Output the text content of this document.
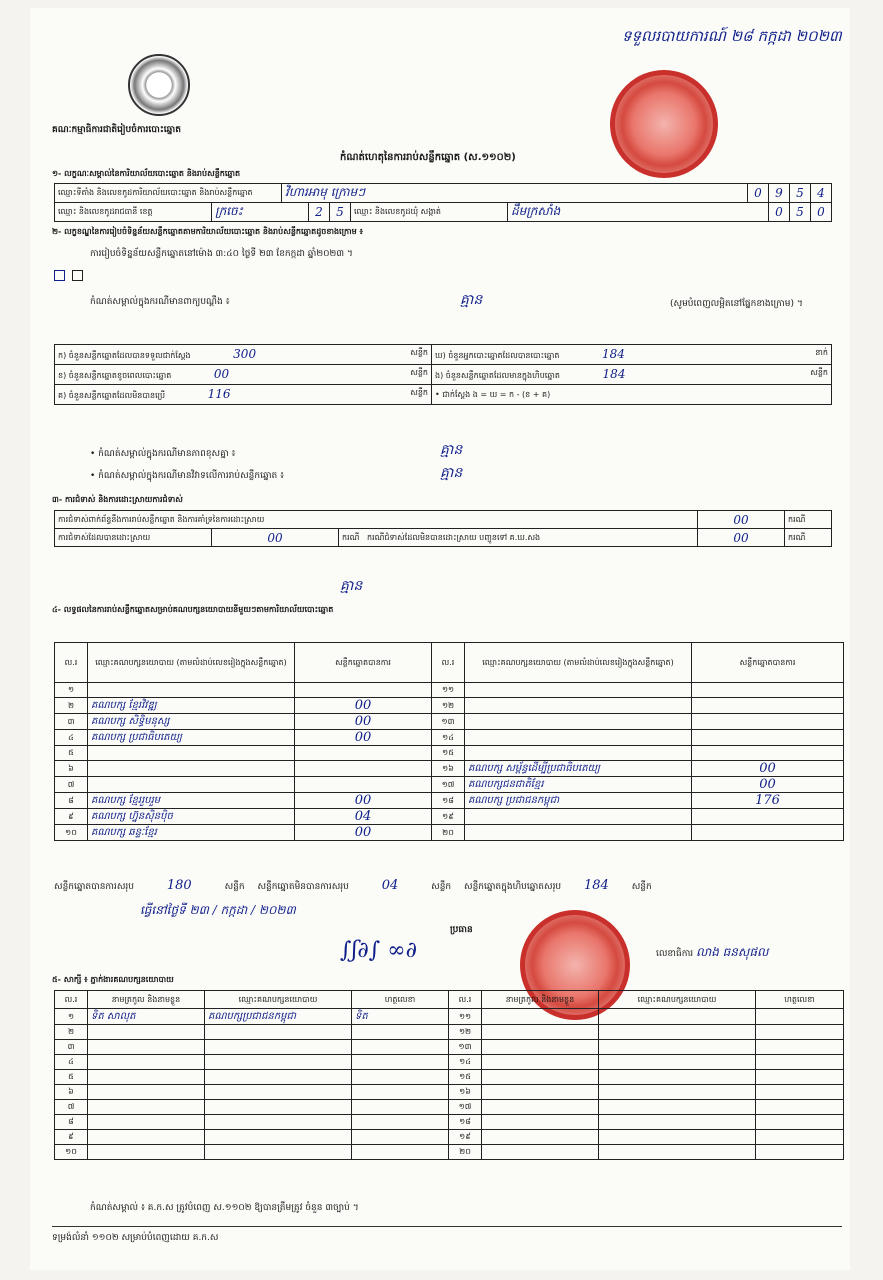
គណៈកម្មាធិការជាតិរៀបចំការបោះឆ្នោត
ទទួលរបាយការណ៍ ២៨ កក្កដា ២០២៣
កំណត់ហេតុនៃការរាប់សន្លឹកឆ្នោត (ស.១១០២)
១- លក្ខណៈសម្គាល់នៃការិយាល័យបោះឆ្នោត និងរាប់សន្លឹកឆ្នោត
ឈ្មោះទីតាំង និងលេខកូដការិយាល័យបោះឆ្នោត និងរាប់សន្លឹកឆ្នោត	វិហារអាមុ ក្រោមៗ	0	9	5	4
ឈ្មោះ និងលេខកូដរាជធានី ខេត្ត	ក្រចេះ	2	5	ឈ្មោះ និងលេខកូដឃុំ សង្កាត់	ដឹមក្រសាំង	0	5	0
២- លក្ខខណ្ឌនៃការរៀបចំទិន្នន័យសន្លឹកឆ្នោតតាមការិយាល័យបោះឆ្នោត និងរាប់សន្លឹកឆ្នោតដូចខាងក្រោម ៖
ការរៀបចំទិន្នន័យសន្លឹកឆ្នោតនៅម៉ោង ៣:៤០ ថ្ងៃទី ២៣ ខែកក្កដា ឆ្នាំ២០២៣ ។

កំណត់សម្គាល់ក្នុងករណីមានពាក្យបណ្ដឹង ៖	គ្មាន	(សូមបំពេញលម្អិតនៅផ្នែកខាងក្រោម) ។
ក) ចំនួនសន្លឹកឆ្នោតដែលបានទទួលជាក់ស្ដែង 300 សន្លឹក	ឃ) ចំនួនអ្នកបោះឆ្នោតដែលបានបោះឆ្នោត 184 នាក់

ខ) ចំនួនសន្លឹកឆ្នោតខូចពេលបោះឆ្នោត 00 សន្លឹក	ង) ចំនួនសន្លឹកឆ្នោតដែលមានក្នុងហិបឆ្នោត 184 សន្លឹក

គ) ចំនួនសន្លឹកឆ្នោតដែលមិនបានប្រើ 116 សន្លឹក	• ជាក់ស្ដែង ង = ឃ = ក - (ខ + គ)
• កំណត់សម្គាល់ក្នុងករណីមានភាពខុសគ្នា ៖	គ្មាន
• កំណត់សម្គាល់ក្នុងករណីមានវិវាទលើការរាប់សន្លឹកឆ្នោត ៖	គ្មាន
៣- ការជំទាស់ និងការដោះស្រាយការជំទាស់
ការជំទាស់ពាក់ព័ន្ធនឹងការរាប់សន្លឹកឆ្នោត និងការគាំទ្រនៃការដោះស្រាយ			00	ករណី
ការជំទាស់ដែលបានដោះស្រាយ	00	ករណី ករណីជំទាស់ដែលមិនបានដោះស្រាយ បញ្ជូនទៅ គ.ឃ.សង	00	ករណី
គ្មាន
៤- លទ្ធផលនៃការរាប់សន្លឹកឆ្នោតសម្រាប់គណបក្សនយោបាយនីមួយៗតាមការិយាល័យបោះឆ្នោត
ល.រ	ឈ្មោះគណបក្សនយោបាយ (តាមលំដាប់លេខរៀងក្នុងសន្លឹកឆ្នោត)	សន្លឹកឆ្នោតបានការ	ល.រ	ឈ្មោះគណបក្សនយោបាយ (តាមលំដាប់លេខរៀងក្នុងសន្លឹកឆ្នោត)	សន្លឹកឆ្នោតបានការ
១			១១		
២	គណបក្ស ខ្មែរវិវឌ្ឍ	00	១២		
៣	គណបក្ស សិទ្ធិមនុស្ស	00	១៣		
៤	គណបក្ស ប្រជាធិបតេយ្យ	00	១៤		
៥			១៥		
៦			១៦	គណបក្ស សម្ព័ន្ធដើម្បីប្រជាធិបតេយ្យ	00
៧			១៧	គណបក្សជនជាតិខ្មែរ	00
៨	គណបក្ស ខ្មែររួបរួម	00	១៨	គណបក្ស ប្រជាជនកម្ពុជា	176
៩	គណបក្ស ហ្វ៊ុនស៊ិនប៉ិច	04	១៩		
១០	គណបក្ស ឆន្ទៈខ្មែរ	00	២០		
សន្លឹកឆ្នោតបានការសរុប	180	សន្លឹក សន្លឹកឆ្នោតមិនបានការសរុប	04	សន្លឹក សន្លឹកឆ្នោតក្នុងហិបឆ្នោតសរុប 184	សន្លឹក
ធ្វើនៅថ្ងៃទី ២៣ / កក្កដា / ២០២៣
ប្រធាន
∫ʃ∂∫ ∞∂	លេខាធិការ លាង ធនសុផល
៥- សាក្សី ៖ ភ្នាក់ងារគណបក្សនយោបាយ
ល.រ	នាមត្រកូល និងនាមខ្លួន	ឈ្មោះគណបក្សនយោបាយ	ហត្ថលេខា	ល.រ	នាមត្រកូល និងនាមខ្លួន	ឈ្មោះគណបក្សនយោបាយ	ហត្ថលេខា
១	ទិត សាលុត	គណបក្សប្រជាជនកម្ពុជា	ទិត	១១			
២				១២			
៣				១៣			
៤				១៤			
៥				១៥			
៦				១៦			
៧				១៧			
៨				១៨			
៩				១៩			
១០				២០			
កំណត់សម្គាល់ ៖ គ.ក.ស ត្រូវបំពេញ ស.១១០២ ឱ្យបានត្រឹមត្រូវ ចំនួន ៣ច្បាប់ ។
ទម្រង់លំនាំ ១១០២ សម្រាប់បំពេញដោយ គ.ក.ស
